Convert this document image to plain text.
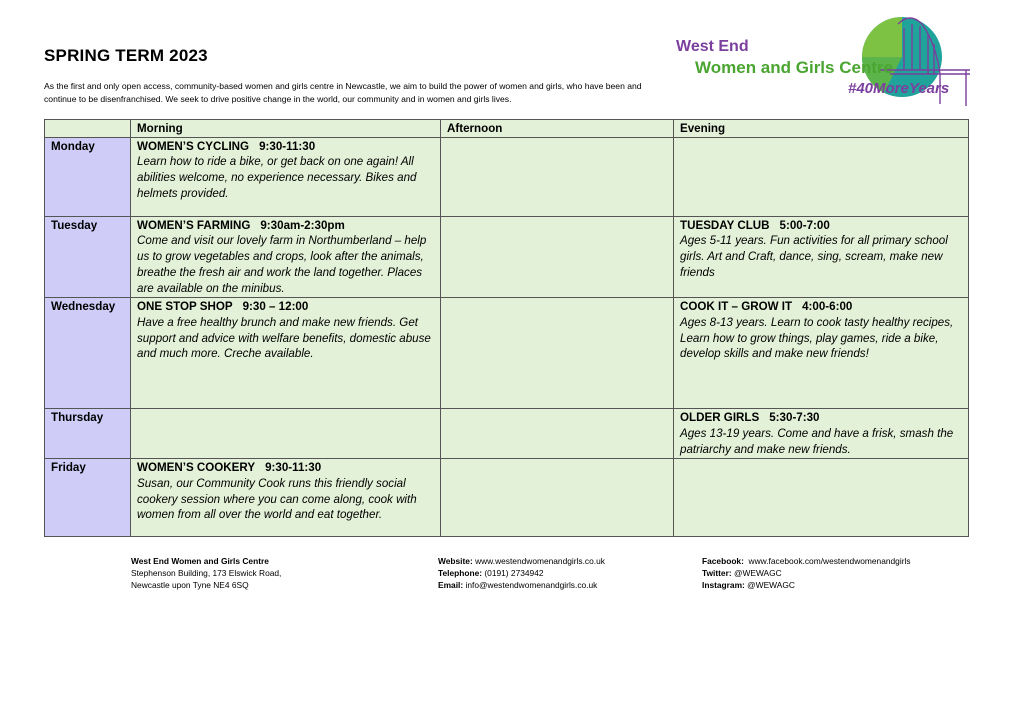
SPRING TERM 2023
As the first and only open access, community-based women and girls centre in Newcastle, we aim to build the power of women and girls, who have been and continue to be disenfranchised. We seek to drive positive change in the world, our community and in women and girls lives.
West End
Women and Girls Centre
#40MoreYears
	Morning	Afternoon	Evening
Monday	WOMEN’S CYCLING 9:30-11:30
Learn how to ride a bike, or get back on one again! All abilities welcome, no experience necessary. Bikes and helmets provided.		

Tuesday	WOMEN’S FARMING 9:30am-2:30pm
Come and visit our lovely farm in Northumberland – help us to grow vegetables and crops, look after the animals, breathe the fresh air and work the land together. Places are available on the minibus.		TUESDAY CLUB 5:00-7:00
Ages 5-11 years. Fun activities for all primary school girls. Art and Craft, dance, sing, scream, make new friends

Wednesday	ONE STOP SHOP 9:30 – 12:00
Have a free healthy brunch and make new friends. Get support and advice with welfare benefits, domestic abuse and much more. Creche available.		COOK IT – GROW IT 4:00-6:00
Ages 8-13 years. Learn to cook tasty healthy recipes, Learn how to grow things, play games, ride a bike, develop skills and make new friends!

Thursday			OLDER GIRLS 5:30-7:30
Ages 13-19 years. Come and have a frisk, smash the patriarchy and make new friends.

Friday	WOMEN’S COOKERY 9:30-11:30
Susan, our Community Cook runs this friendly social cookery session where you can come along, cook with women from all over the world and eat together.		

West End Women and Girls Centre
Stephenson Building, 173 Elswick Road,
Newcastle upon Tyne NE4 6SQ
Website: www.westendwomenandgirls.co.uk
Telephone: (0191) 2734942
Email: info@westendwomenandgirls.co.uk
Facebook: www.facebook.com/westendwomenandgirls
Twitter: @WEWAGC
Instagram: @WEWAGC
